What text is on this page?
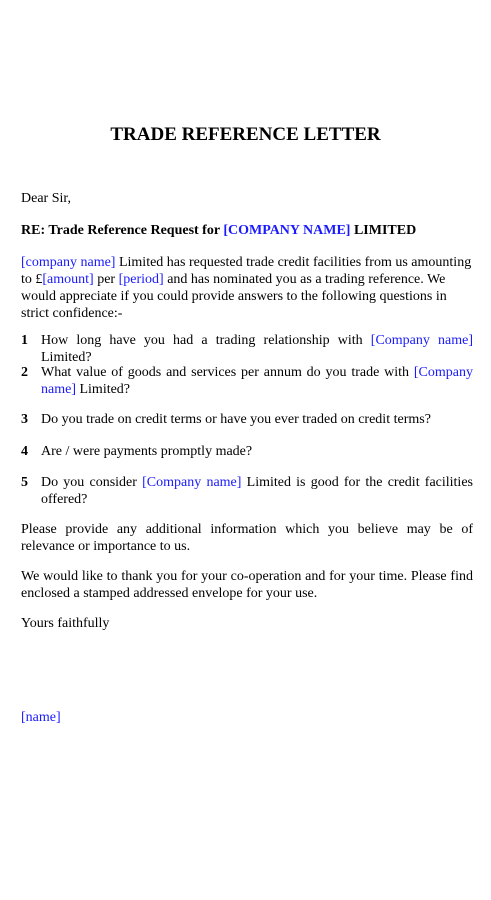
TRADE REFERENCE LETTER
Dear Sir,
RE: Trade Reference Request for [COMPANY NAME] LIMITED
[company name] Limited has requested trade credit facilities from us amounting to £[amount] per [period] and has nominated you as a trading reference. We would appreciate if you could provide answers to the following questions in strict confidence:-
1 How long have you had a trading relationship with [Company name] Limited?
2 What value of goods and services per annum do you trade with [Company name] Limited?
3 Do you trade on credit terms or have you ever traded on credit terms?
4 Are / were payments promptly made?
5 Do you consider [Company name] Limited is good for the credit facilities offered?
Please provide any additional information which you believe may be of relevance or importance to us.
We would like to thank you for your co-operation and for your time. Please find enclosed a stamped addressed envelope for your use.
Yours faithfully
[name]
